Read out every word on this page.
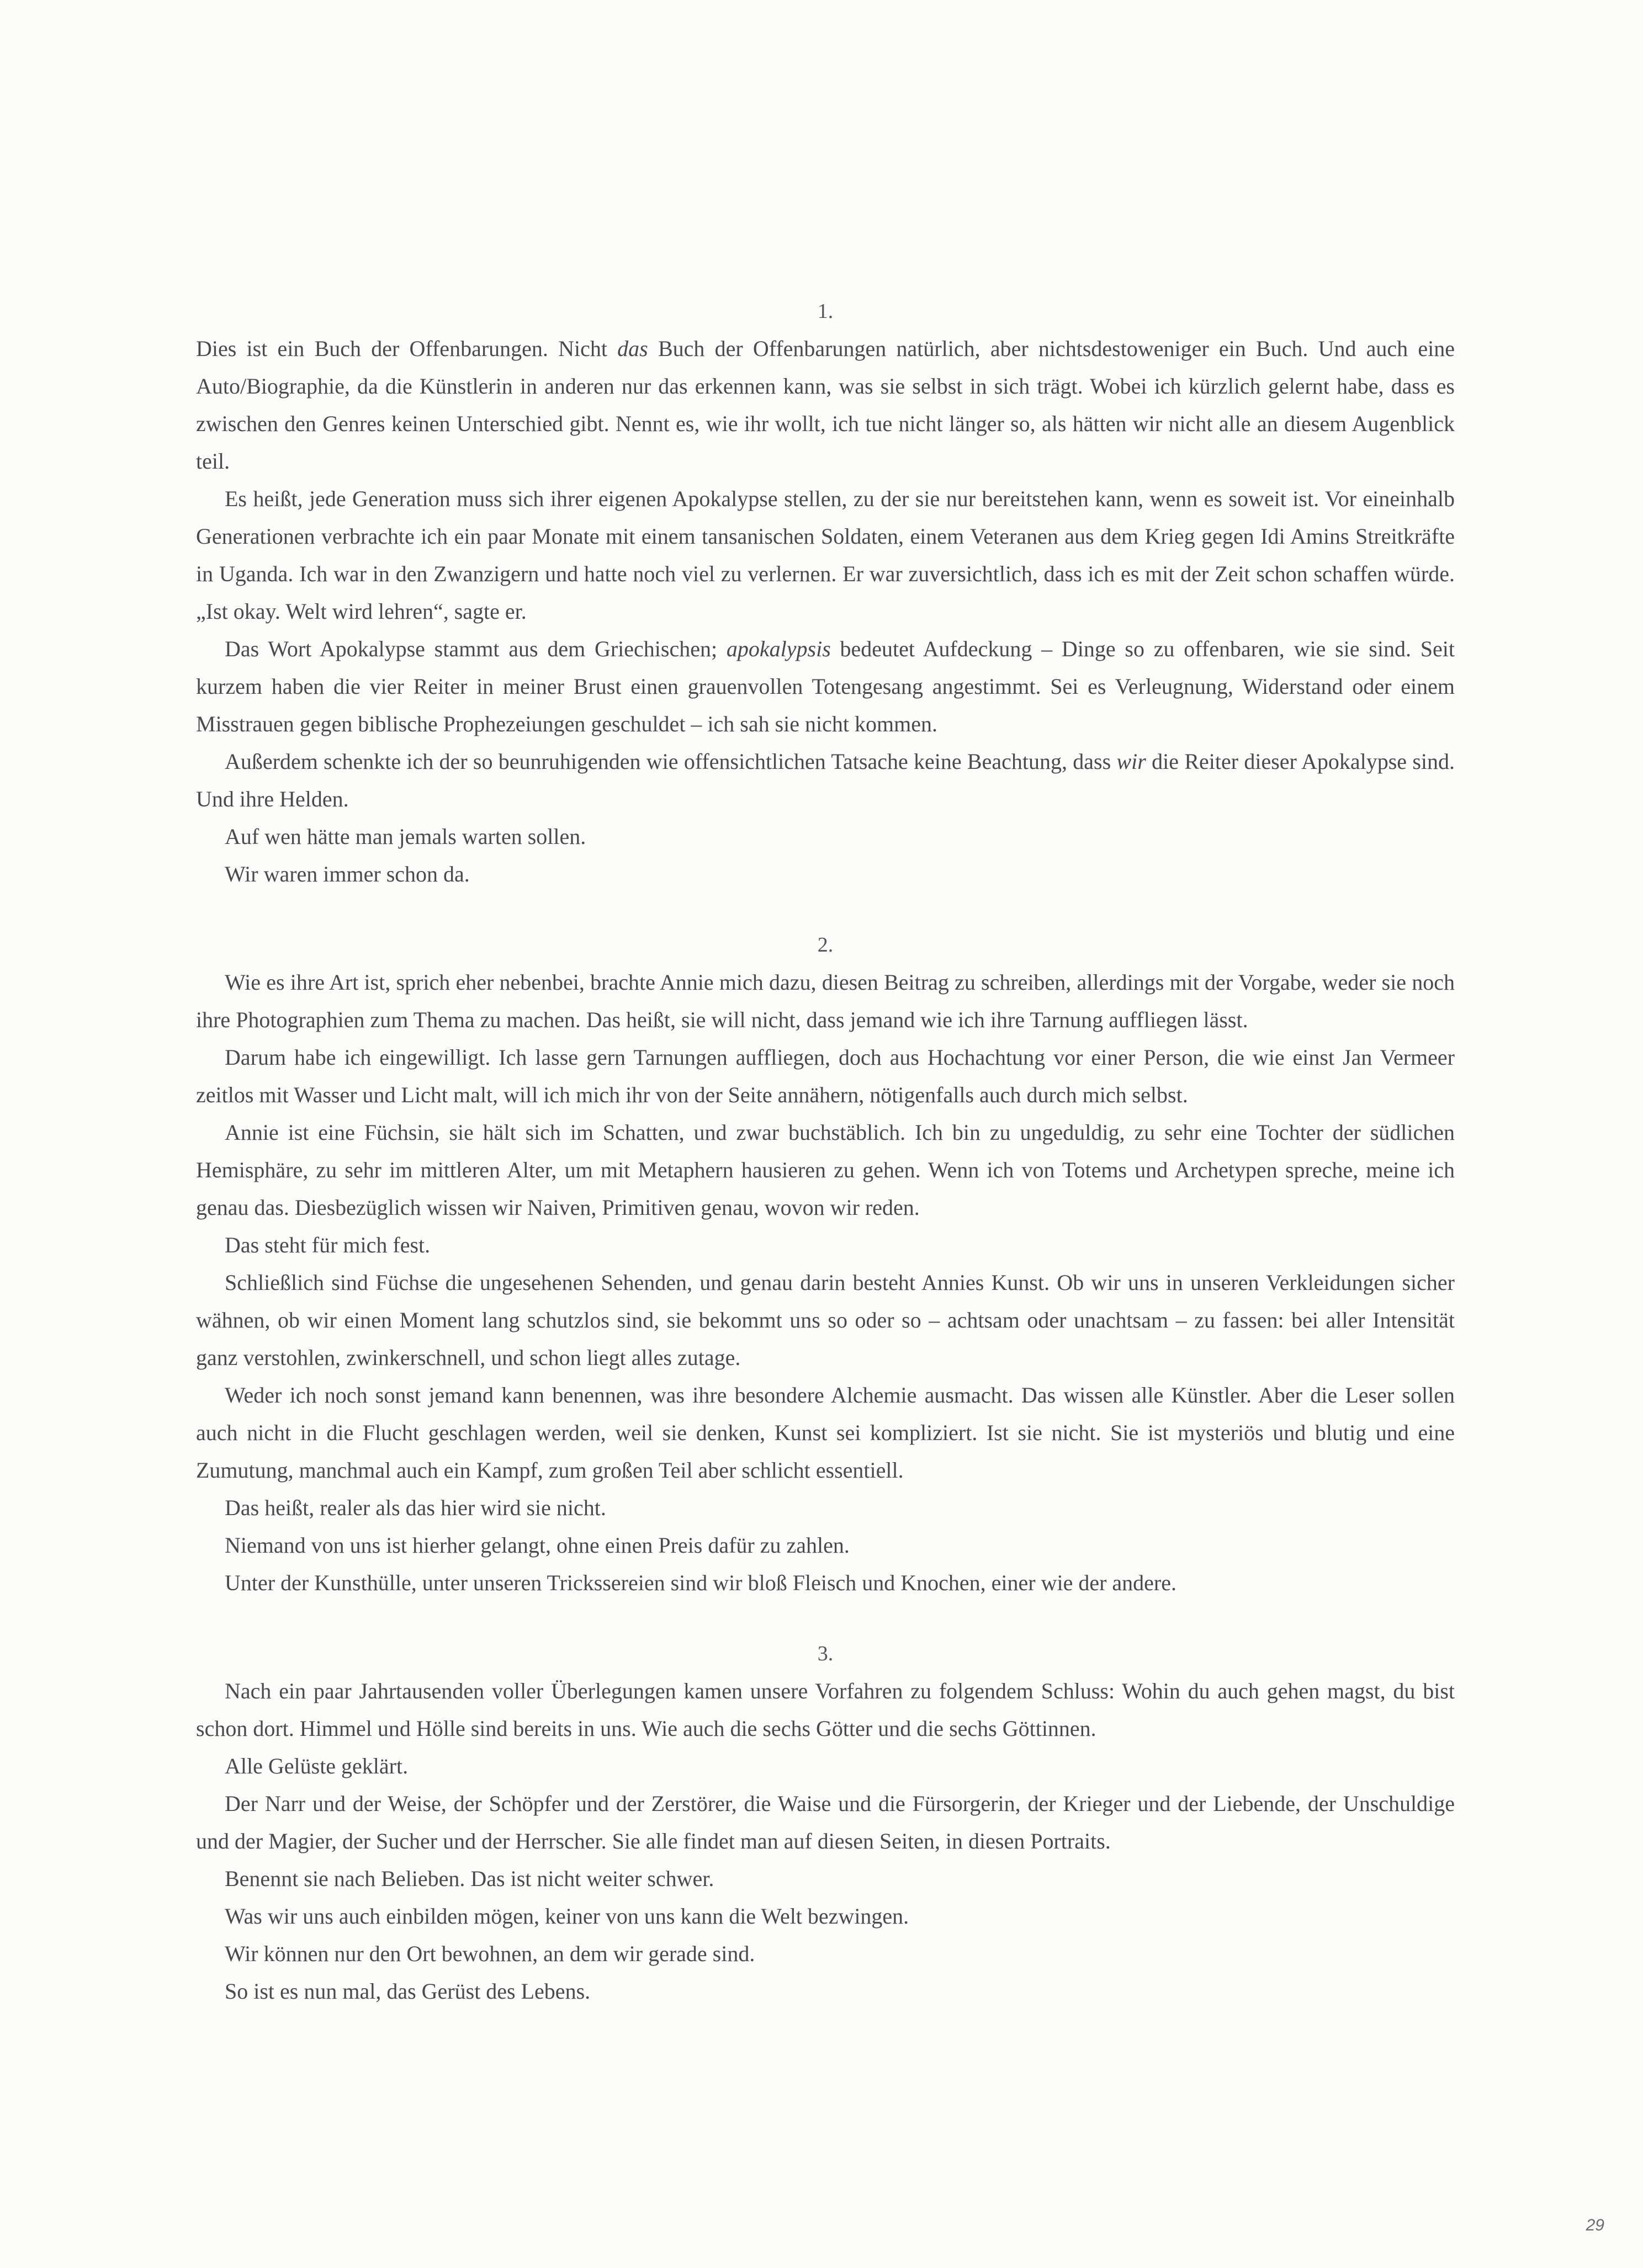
1.

Dies ist ein Buch der Offenbarungen. Nicht das Buch der Offenbarungen natürlich, aber nichtsdestoweniger ein Buch. Und auch eine Auto/Biographie, da die Künstlerin in anderen nur das erkennen kann, was sie selbst in sich trägt. Wobei ich kürzlich gelernt habe, dass es zwischen den Genres keinen Unterschied gibt. Nennt es, wie ihr wollt, ich tue nicht länger so, als hätten wir nicht alle an diesem Augenblick teil.

Es heißt, jede Generation muss sich ihrer eigenen Apokalypse stellen, zu der sie nur bereitstehen kann, wenn es soweit ist. Vor eineinhalb Generationen verbrachte ich ein paar Monate mit einem tansanischen Soldaten, einem Veteranen aus dem Krieg gegen Idi Amins Streitkräfte in Uganda. Ich war in den Zwanzigern und hatte noch viel zu verlernen. Er war zuversichtlich, dass ich es mit der Zeit schon schaffen würde. „Ist okay. Welt wird lehren“, sagte er.

Das Wort Apokalypse stammt aus dem Griechischen; apokalypsis bedeutet Aufdeckung – Dinge so zu offenbaren, wie sie sind. Seit kurzem haben die vier Reiter in meiner Brust einen grauenvollen Totengesang angestimmt. Sei es Verleugnung, Widerstand oder einem Misstrauen gegen biblische Prophezeiungen geschuldet – ich sah sie nicht kommen.

Außerdem schenkte ich der so beunruhigenden wie offensichtlichen Tatsache keine Beachtung, dass wir die Reiter dieser Apokalypse sind. Und ihre Helden.

Auf wen hätte man jemals warten sollen.

Wir waren immer schon da.

2.

Wie es ihre Art ist, sprich eher nebenbei, brachte Annie mich dazu, diesen Beitrag zu schreiben, allerdings mit der Vorgabe, weder sie noch ihre Photographien zum Thema zu machen. Das heißt, sie will nicht, dass jemand wie ich ihre Tarnung auffliegen lässt.

Darum habe ich eingewilligt. Ich lasse gern Tarnungen auffliegen, doch aus Hochachtung vor einer Person, die wie einst Jan Vermeer zeitlos mit Wasser und Licht malt, will ich mich ihr von der Seite annähern, nötigenfalls auch durch mich selbst.

Annie ist eine Füchsin, sie hält sich im Schatten, und zwar buchstäblich. Ich bin zu ungeduldig, zu sehr eine Tochter der südlichen Hemisphäre, zu sehr im mittleren Alter, um mit Metaphern hausieren zu gehen. Wenn ich von Totems und Archetypen spreche, meine ich genau das. Diesbezüglich wissen wir Naiven, Primitiven genau, wovon wir reden.

Das steht für mich fest.

Schließlich sind Füchse die ungesehenen Sehenden, und genau darin besteht Annies Kunst. Ob wir uns in unseren Verkleidungen sicher wähnen, ob wir einen Moment lang schutzlos sind, sie bekommt uns so oder so – achtsam oder unachtsam – zu fassen: bei aller Intensität ganz verstohlen, zwinkerschnell, und schon liegt alles zutage.

Weder ich noch sonst jemand kann benennen, was ihre besondere Alchemie ausmacht. Das wissen alle Künstler. Aber die Leser sollen auch nicht in die Flucht geschlagen werden, weil sie denken, Kunst sei kompliziert. Ist sie nicht. Sie ist mysteriös und blutig und eine Zumutung, manchmal auch ein Kampf, zum großen Teil aber schlicht essentiell.

Das heißt, realer als das hier wird sie nicht.

Niemand von uns ist hierher gelangt, ohne einen Preis dafür zu zahlen.

Unter der Kunsthülle, unter unseren Trickssereien sind wir bloß Fleisch und Knochen, einer wie der andere.

3.

Nach ein paar Jahrtausenden voller Überlegungen kamen unsere Vorfahren zu folgendem Schluss: Wohin du auch gehen magst, du bist schon dort. Himmel und Hölle sind bereits in uns. Wie auch die sechs Götter und die sechs Göttinnen.

Alle Gelüste geklärt.

Der Narr und der Weise, der Schöpfer und der Zerstörer, die Waise und die Fürsorgerin, der Krieger und der Liebende, der Unschuldige und der Magier, der Sucher und der Herrscher. Sie alle findet man auf diesen Seiten, in diesen Portraits.

Benennt sie nach Belieben. Das ist nicht weiter schwer.

Was wir uns auch einbilden mögen, keiner von uns kann die Welt bezwingen.

Wir können nur den Ort bewohnen, an dem wir gerade sind.

So ist es nun mal, das Gerüst des Lebens.

29
